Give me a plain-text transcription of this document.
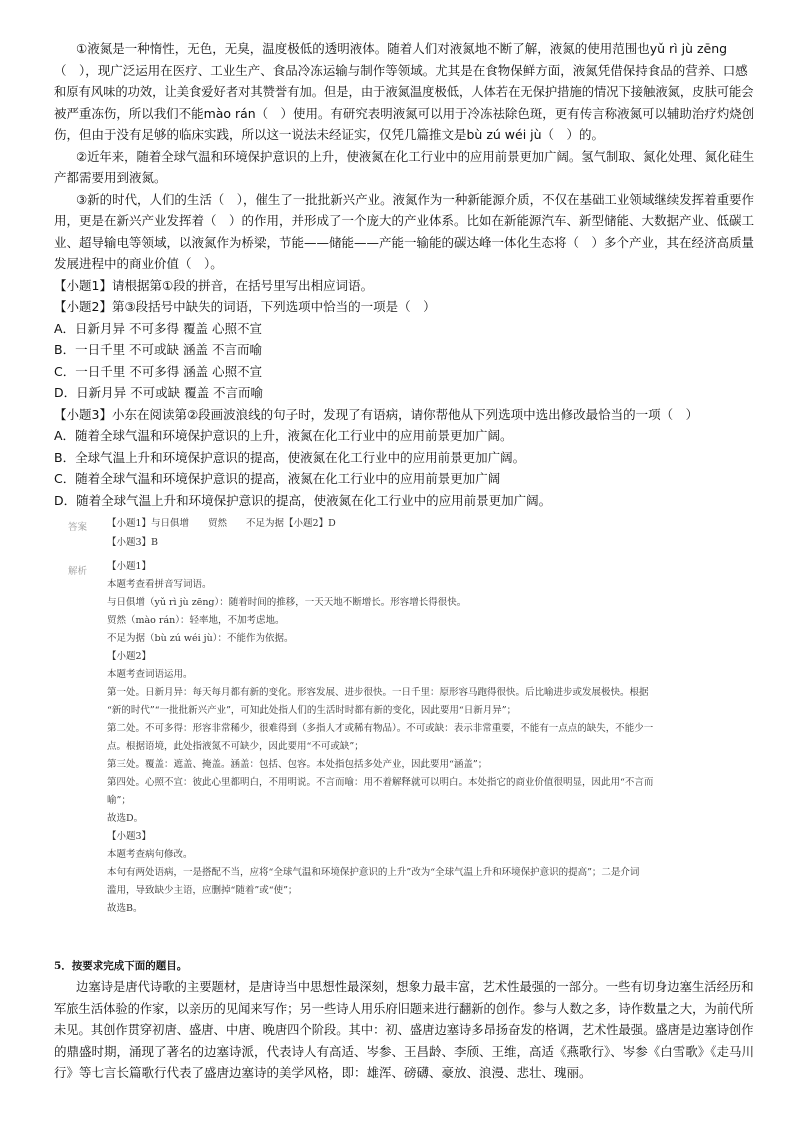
①液氮是一种惰性，无色，无臭，温度极低的透明液体。随着人们对液氮地不断了解，液氮的使用范围也yǔ rì jù zēng
（　），现广泛运用在医疗、工业生产、食品冷冻运输与制作等领域。尤其是在食物保鲜方面，液氮凭借保持食品的营养、口感
和原有风味的功效，让美食爱好者对其赞誉有加。但是，由于液氮温度极低，人体若在无保护措施的情况下接触液氮，皮肤可能会
被严重冻伤，所以我们不能mào rán（　）使用。有研究表明液氮可以用于冷冻祛除色斑，更有传言称液氮可以辅助治疗灼烧创
伤，但由于没有足够的临床实践，所以这一说法未经证实，仅凭几篇推文是bù zú wéi jù（　）的。
②近年来，随着全球气温和环境保护意识的上升，使液氮在化工行业中的应用前景更加广阔。氢气制取、氮化处理、氮化硅生
产都需要用到液氮。
③新的时代，人们的生活（　），催生了一批批新兴产业。液氮作为一种新能源介质，不仅在基础工业领域继续发挥着重要作
用，更是在新兴产业发挥着（　）的作用，并形成了一个庞大的产业体系。比如在新能源汽车、新型储能、大数据产业、低碳工
业、超导输电等领域，以液氮作为桥梁，节能——储能——产能一输能的碳达峰一体化生态将（　）多个产业，其在经济高质量
发展进程中的商业价值（　）。
【小题1】请根据第①段的拼音，在括号里写出相应词语。
【小题2】第③段括号中缺失的词语，下列选项中恰当的一项是（　）
A．日新月异 不可多得 覆盖 心照不宣
B．一日千里 不可或缺 涵盖 不言而喻
C．一日千里 不可多得 涵盖 心照不宣
D．日新月异 不可或缺 覆盖 不言而喻
【小题3】小东在阅读第②段画波浪线的句子时，发现了有语病，请你帮他从下列选项中选出修改最恰当的一项（　）
A．随着全球气温和环境保护意识的上升，液氮在化工行业中的应用前景更加广阔。
B．全球气温上升和环境保护意识的提高，使液氮在化工行业中的应用前景更加广阔。
C．随着全球气温和环境保护意识的提高，液氮在化工行业中的应用前景更加广阔
D．随着全球气温上升和环境保护意识的提高，使液氮在化工行业中的应用前景更加广阔。
答案 【小题1】与日俱增　　贸然　　不足为据【小题2】D
【小题3】B
解析 【小题1】
本题考查看拼音写词语。
与日俱增（yǔ rì jù zēng）：随着时间的推移，一天天地不断增长。形容增长得很快。
贸然（mào rán）：轻率地，不加考虑地。
不足为据（bù zú wéi jù）：不能作为依据。
【小题2】
本题考查词语运用。
第一处。日新月异：每天每月都有新的变化。形容发展、进步很快。一日千里：原形容马跑得很快。后比喻进步或发展极快。根据
“新的时代”“一批批新兴产业”，可知此处指人们的生活时时都有新的变化，因此要用“日新月异”；
第二处。不可多得：形容非常稀少，很难得到（多指人才或稀有物品）。不可或缺：表示非常重要，不能有一点点的缺失，不能少一
点。根据语境，此处指液氮不可缺少，因此要用“不可或缺”；
第三处。覆盖：遮盖、掩盖。涵盖：包括、包容。本处指包括多处产业，因此要用“涵盖”；
第四处。心照不宣：彼此心里都明白，不用明说。不言而喻：用不着解释就可以明白。本处指它的商业价值很明显，因此用“不言而
喻”；
故选D。
【小题3】
本题考查病句修改。
本句有两处语病，一是搭配不当，应将“全球气温和环境保护意识的上升”改为“全球气温上升和环境保护意识的提高”；二是介词
滥用，导致缺少主语，应删掉“随着”或“使”；
故选B。
5．按要求完成下面的题目。
边塞诗是唐代诗歌的主要题材，是唐诗当中思想性最深刻，想象力最丰富，艺术性最强的一部分。一些有切身边塞生活经历和
军旅生活体验的作家，以亲历的见闻来写作；另一些诗人用乐府旧题来进行翻新的创作。参与人数之多，诗作数量之大，为前代所
未见。其创作贯穿初唐、盛唐、中唐、晚唐四个阶段。其中：初、盛唐边塞诗多昂扬奋发的格调，艺术性最强。盛唐是边塞诗创作
的鼎盛时期，涌现了著名的边塞诗派，代表诗人有高适、岑参、王昌龄、李颀、王维，高适《燕歌行》、岑参《白雪歌》《走马川
行》等七言长篇歌行代表了盛唐边塞诗的美学风格，即：雄浑、磅礴、豪放、浪漫、悲壮、瑰丽。
